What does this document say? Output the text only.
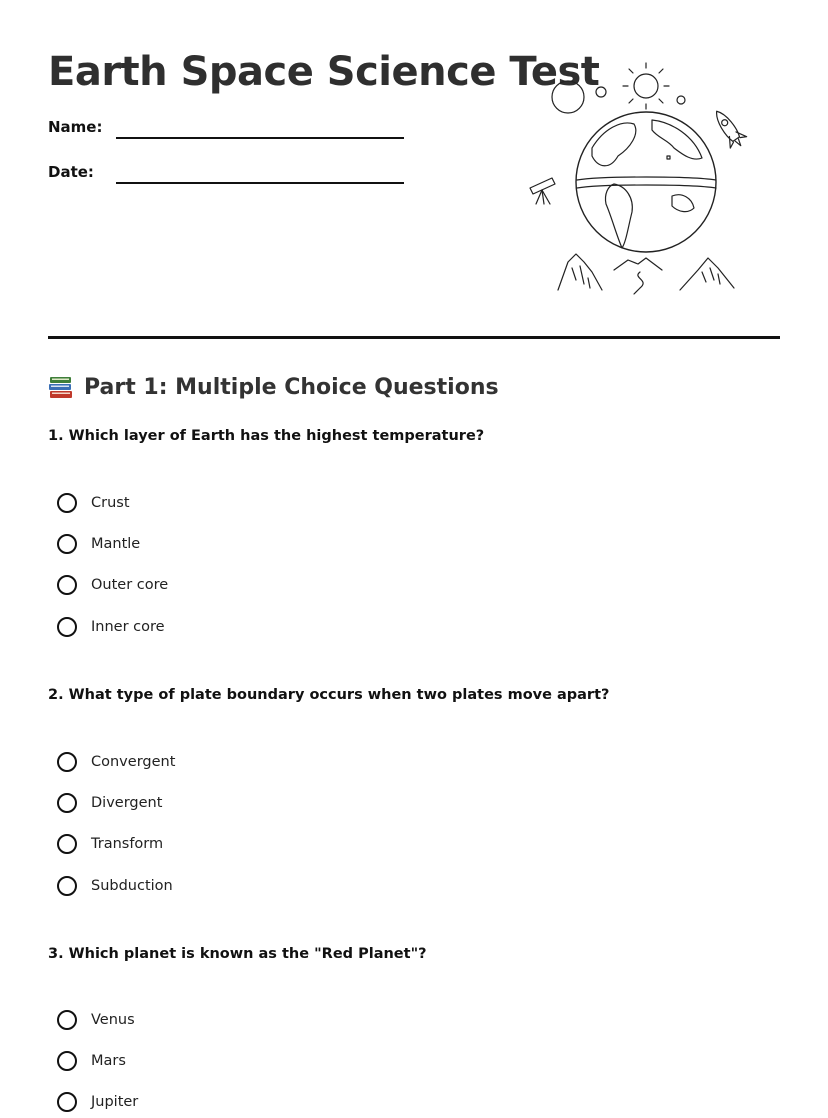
Earth Space Science Test
Name:
Date:
Part 1: Multiple Choice Questions

1. Which layer of Earth has the highest temperature?

Crust
Mantle
Outer core
Inner core

2. What type of plate boundary occurs when two plates move apart?

Convergent
Divergent
Transform
Subduction

3. Which planet is known as the "Red Planet"?

Venus
Mars
Jupiter
